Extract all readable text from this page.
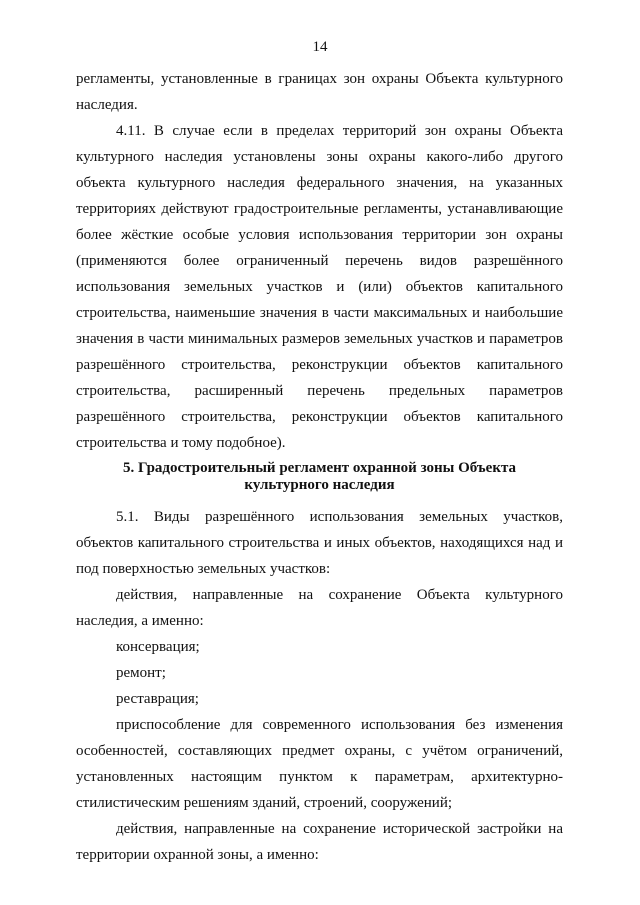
14

регламенты, установленные в границах зон охраны Объекта культурного наследия.

4.11. В случае если в пределах территорий зон охраны Объекта культурного наследия установлены зоны охраны какого-либо другого объекта культурного наследия федерального значения, на указанных территориях действуют градостроительные регламенты, устанавливающие более жёсткие особые условия использования территории зон охраны (применяются более ограниченный перечень видов разрешённого использования земельных участков и (или) объектов капитального строительства, наименьшие значения в части максимальных и наибольшие значения в части минимальных размеров земельных участков и параметров разрешённого строительства, реконструкции объектов капитального строительства, расширенный перечень предельных параметров разрешённого строительства, реконструкции объектов капитального строительства и тому подобное).

5. Градостроительный регламент охранной зоны Объекта
культурного наследия

5.1. Виды разрешённого использования земельных участков, объектов капитального строительства и иных объектов, находящихся над и под поверхностью земельных участков:

действия, направленные на сохранение Объекта культурного наследия, а именно:

консервация;

ремонт;

реставрация;

приспособление для современного использования без изменения особенностей, составляющих предмет охраны, с учётом ограничений, установленных настоящим пунктом к параметрам, архитектурно-стилистическим решениям зданий, строений, сооружений;

действия, направленные на сохранение исторической застройки на территории охранной зоны, а именно:
